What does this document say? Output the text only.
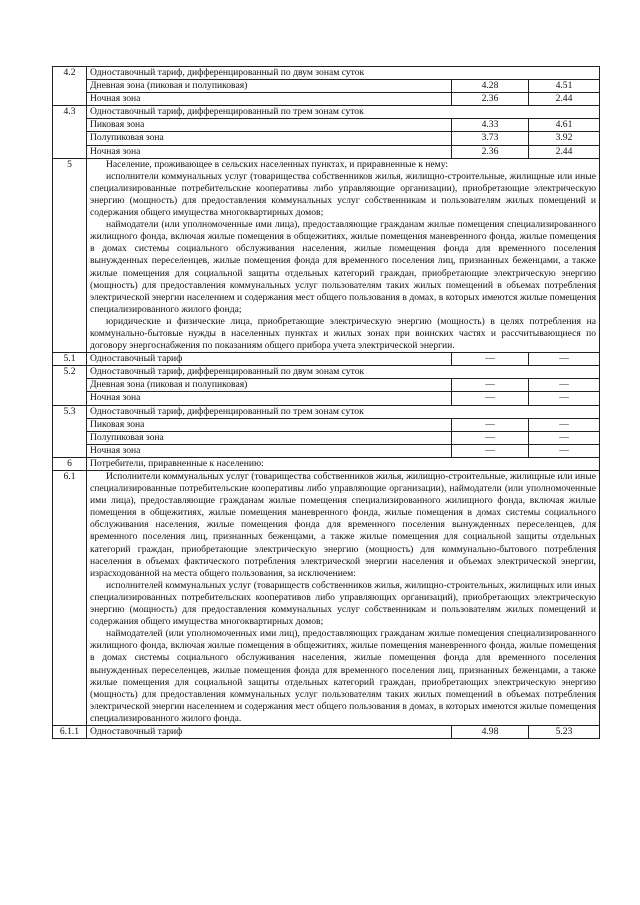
4.2	Одноставочный тариф, дифференцированный по двум зонам суток		
	Дневная зона (пиковая и полупиковая)	4.28	4.51
	Ночная зона	2.36	2.44
4.3	Одноставочный тариф, дифференцированный по трем зонам суток		
	Пиковая зона	4.33	4.61
	Полупиковая зона	3.73	3.92
	Ночная зона	2.36	2.44
5	Население, проживающее в сельских населенных пунктах, и приравненные к нему:

исполнители коммунальных услуг (товарищества собственников жилья, жилищно-строительные, жилищные или иные специализированные потребительские кооперативы либо управляющие организации), приобретающие электрическую энергию (мощность) для предоставления коммунальных услуг собственникам и пользователям жилых помещений и содержания общего имущества многоквартирных домов;

наймодатели (или уполномоченные ими лица), предоставляющие гражданам жилые помещения специализированного жилищного фонда, включая жилые помещения в общежитиях, жилые помещения маневренного фонда, жилые помещения в домах системы социального обслуживания населения, жилые помещения фонда для временного поселения вынужденных переселенцев, жилые помещения фонда для временного поселения лиц, признанных беженцами, а также жилые помещения для социальной защиты отдельных категорий граждан, приобретающие электрическую энергию (мощность) для предоставления коммунальных услуг пользователям таких жилых помещений в объемах потребления электрической энергии населением и содержания мест общего пользования в домах, в которых имеются жилые помещения специализированного жилого фонда;

юридические и физические лица, приобретающие электрическую энергию (мощность) в целях потребления на коммунально-бытовые нужды в населенных пунктах и жилых зонах при воинских частях и рассчитывающиеся по договору энергоснабжения по показаниям общего прибора учета электрической энергии.		

5.1	Одноставочный тариф	—	—
5.2	Одноставочный тариф, дифференцированный по двум зонам суток		
	Дневная зона (пиковая и полупиковая)	—	—
	Ночная зона	—	—
5.3	Одноставочный тариф, дифференцированный по трем зонам суток		
	Пиковая зона	—	—
	Полупиковая зона	—	—
	Ночная зона	—	—
6	Потребители, приравненные к населению:		
6.1	Исполнители коммунальных услуг (товарищества собственников жилья, жилищно-строительные, жилищные или иные специализированные потребительские кооперативы либо управляющие организации), наймодатели (или уполномоченные ими лица), предоставляющие гражданам жилые помещения специализированного жилищного фонда, включая жилые помещения в общежитиях, жилые помещения маневренного фонда, жилые помещения в домах системы социального обслуживания населения, жилые помещения фонда для временного поселения вынужденных переселенцев, для временного поселения лиц, признанных беженцами, а также жилые помещения для социальной защиты отдельных категорий граждан, приобретающие электрическую энергию (мощность) для коммунально-бытового потребления населения в объемах фактического потребления электрической энергии населения и объемах электрической энергии, израсходованной на места общего пользования, за исключением:

исполнителей коммунальных услуг (товариществ собственников жилья, жилищно-строительных, жилищных или иных специализированных потребительских кооперативов либо управляющих организаций), приобретающих электрическую энергию (мощность) для предоставления коммунальных услуг собственникам и пользователям жилых помещений и содержания общего имущества многоквартирных домов;

наймодателей (или уполномоченных ими лиц), предоставляющих гражданам жилые помещения специализированного жилищного фонда, включая жилые помещения в общежитиях, жилые помещения маневренного фонда, жилые помещения в домах системы социального обслуживания населения, жилые помещения фонда для временного поселения вынужденных переселенцев, жилые помещения фонда для временного поселения лиц, признанных беженцами, а также жилые помещения для социальной защиты отдельных категорий граждан, приобретающих электрическую энергию (мощность) для предоставления коммунальных услуг пользователям таких жилых помещений в объемах потребления электрической энергии населением и содержания мест общего пользования в домах, в которых имеются жилые помещения специализированного жилого фонда.		

6.1.1	Одноставочный тариф	4.98	5.23
